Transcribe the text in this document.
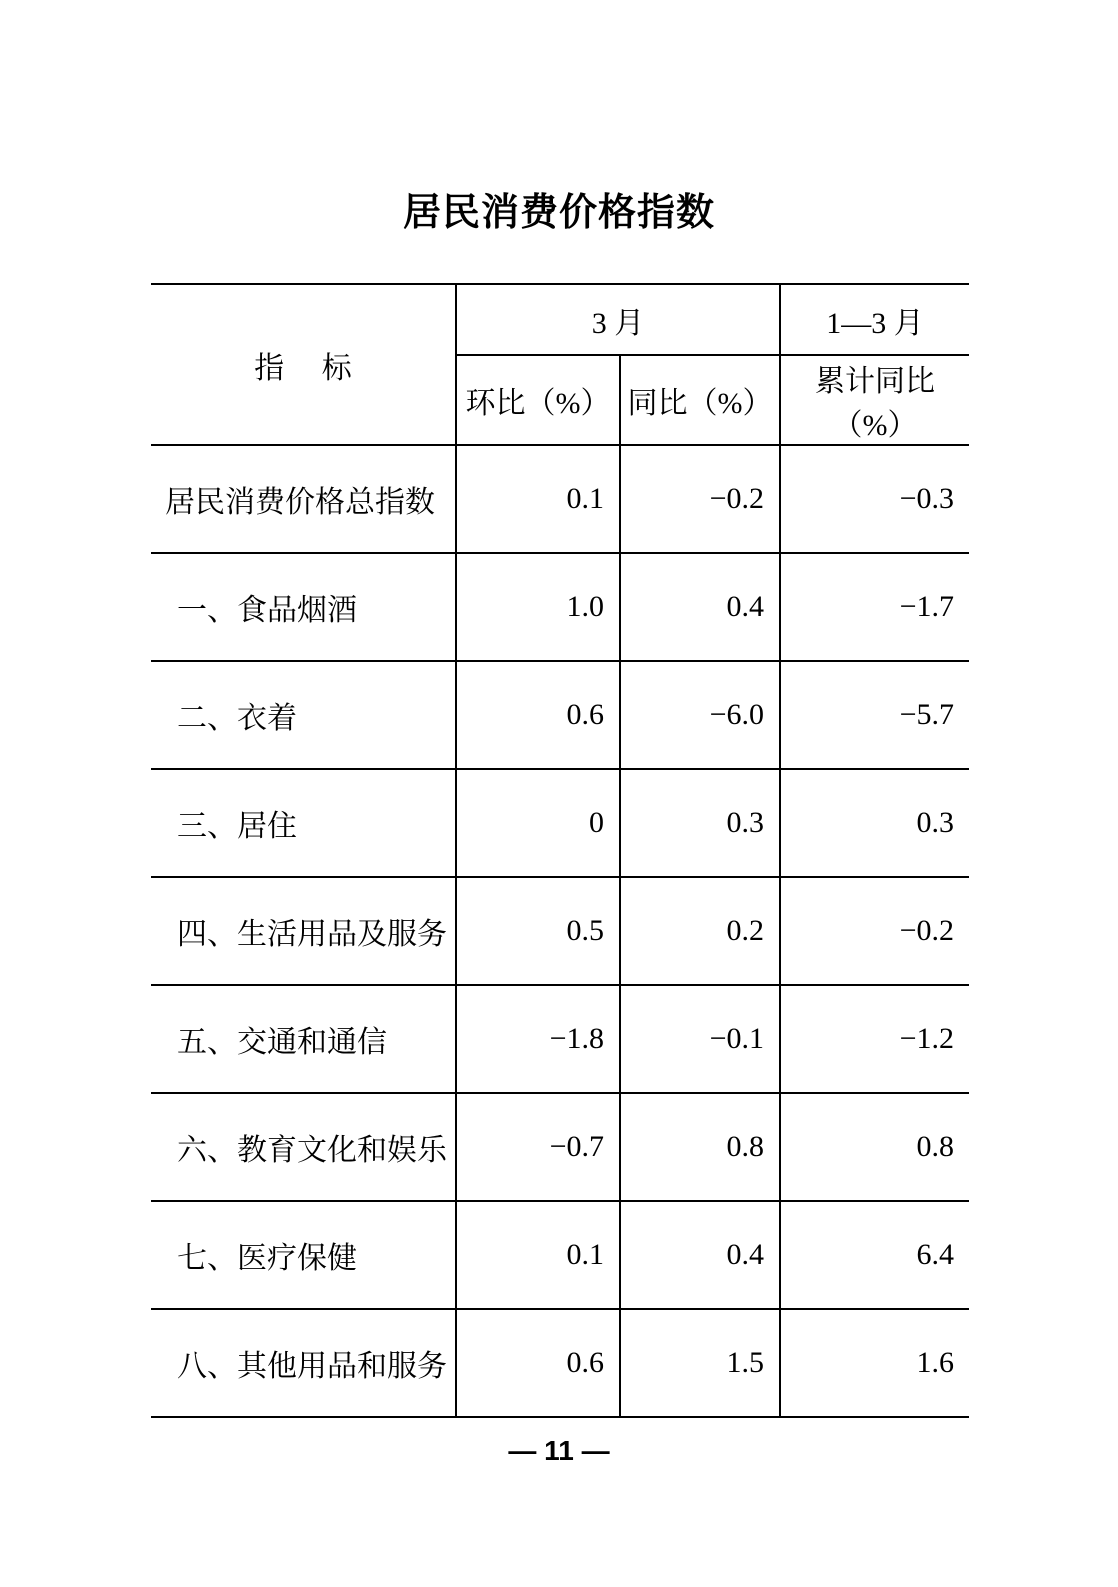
居民消费价格指数
指　 标	3 月		1—3 月
	环比（%）	同比（%）	累计同比（%）
居民消费价格总指数	0.1	−0.2	−0.3
一、食品烟酒	1.0	0.4	−1.7
二、衣着	0.6	−6.0	−5.7
三、居住	0	0.3	0.3
四、生活用品及服务	0.5	0.2	−0.2
五、交通和通信	−1.8	−0.1	−1.2
六、教育文化和娱乐	−0.7	0.8	0.8
七、医疗保健	0.1	0.4	6.4
八、其他用品和服务	0.6	1.5	1.6
— 11 —
